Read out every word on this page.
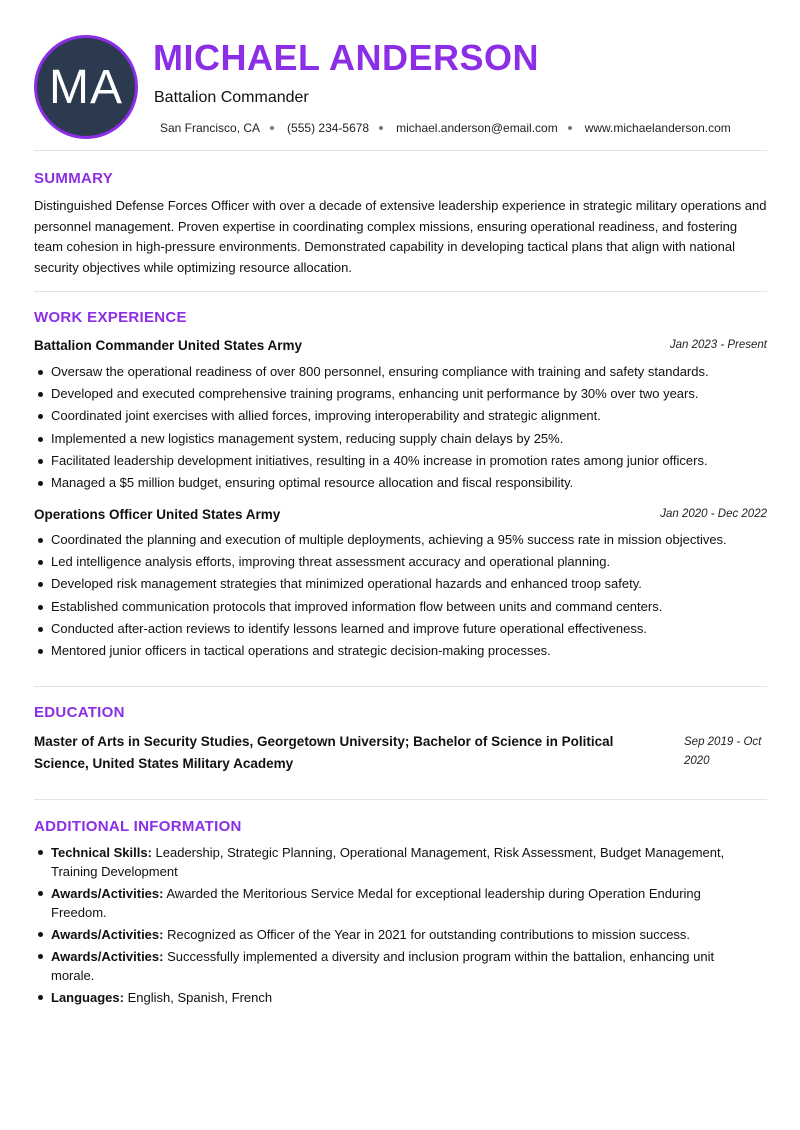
MA
MICHAEL ANDERSON
Battalion Commander
San Francisco, CA (555) 234-5678 michael.anderson@email.com www.michaelanderson.com
SUMMARY

Distinguished Defense Forces Officer with over a decade of extensive leadership experience in strategic military operations and personnel management. Proven expertise in coordinating complex missions, ensuring operational readiness, and fostering team cohesion in high-pressure environments. Demonstrated capability in developing tactical plans that align with national security objectives while optimizing resource allocation.

WORK EXPERIENCE
Battalion Commander United States Army	Jan 2023 - Present
Oversaw the operational readiness of over 800 personnel, ensuring compliance with training and safety standards.
Developed and executed comprehensive training programs, enhancing unit performance by 30% over two years.
Coordinated joint exercises with allied forces, improving interoperability and strategic alignment.
Implemented a new logistics management system, reducing supply chain delays by 25%.
Facilitated leadership development initiatives, resulting in a 40% increase in promotion rates among junior officers.
Managed a $5 million budget, ensuring optimal resource allocation and fiscal responsibility.
Operations Officer United States Army	Jan 2020 - Dec 2022
Coordinated the planning and execution of multiple deployments, achieving a 95% success rate in mission objectives.
Led intelligence analysis efforts, improving threat assessment accuracy and operational planning.
Developed risk management strategies that minimized operational hazards and enhanced troop safety.
Established communication protocols that improved information flow between units and command centers.
Conducted after-action reviews to identify lessons learned and improve future operational effectiveness.
Mentored junior officers in tactical operations and strategic decision-making processes.
EDUCATION
Master of Arts in Security Studies, Georgetown University; Bachelor of Science in Political Science, United States Military Academy
Sep 2019 - Oct 2020
ADDITIONAL INFORMATION
Technical Skills: Leadership, Strategic Planning, Operational Management, Risk Assessment, Budget Management, Training Development
Awards/Activities: Awarded the Meritorious Service Medal for exceptional leadership during Operation Enduring Freedom.
Awards/Activities: Recognized as Officer of the Year in 2021 for outstanding contributions to mission success.
Awards/Activities: Successfully implemented a diversity and inclusion program within the battalion, enhancing unit morale.
Languages: English, Spanish, French
